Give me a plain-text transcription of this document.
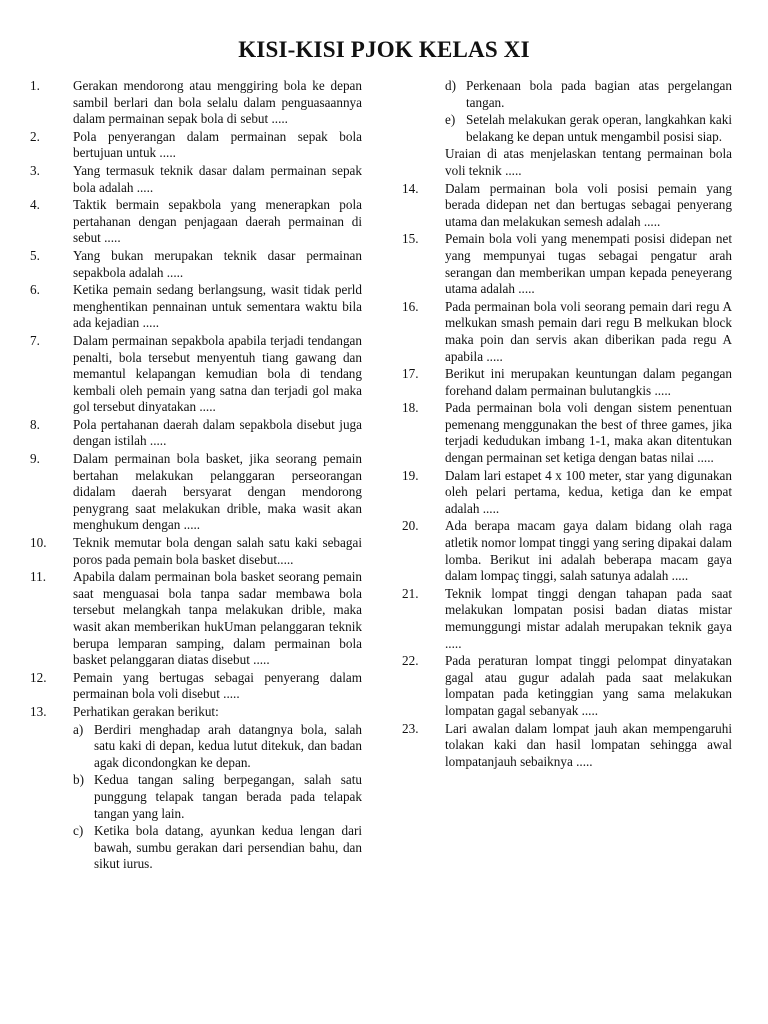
KISI-KISI PJOK KELAS XI
1.	Gerakan mendorong atau menggiring bola ke depan sambil berlari dan bola selalu dalam penguasaannya dalam permainan sepak bola di sebut .....
2.	Pola penyerangan dalam permainan sepak bola bertujuan untuk .....
3.	Yang termasuk teknik dasar dalam permainan sepak bola adalah .....
4.	Taktik bermain sepakbola yang menerapkan pola pertahanan dengan penjagaan daerah permainan di sebut .....
5.	Yang bukan merupakan teknik dasar permainan sepakbola adalah .....
6.	Ketika pemain sedang berlangsung, wasit tidak perld menghentikan pennainan untuk sementara waktu bila ada kejadian .....
7.	Dalam permainan sepakbola apabila terjadi tendangan penalti, bola tersebut menyentuh tiang gawang dan memantul kelapangan kemudian bola di tendang kembali oleh pemain yang satna dan terjadi gol maka gol tersebut dinyatakan .....
8.	Pola pertahanan daerah dalam sepakbola disebut juga dengan istilah .....
9.	Dalam permainan bola basket, jika seorang pemain bertahan melakukan pelanggaran perseorangan didalam daerah bersyarat dengan mendorong penygrang saat melakukan drible, maka wasit akan menghukum dengan .....
10.	Teknik memutar bola dengan salah satu kaki sebagai poros pada pemain bola basket disebut.....
11.	Apabila dalam permainan bola basket seorang pemain saat menguasai bola tanpa sadar membawa bola tersebut melangkah tanpa melakukan drible, maka wasit akan memberikan hukUman pelanggaran teknik berupa lemparan samping, dalam permainan bola basket pelanggaran diatas disebut .....
12.	Pemain yang bertugas sebagai penyerang dalam permainan bola voli disebut .....
13.	Perhatikan gerakan berikut:
a) Berdiri menghadap arah datangnya bola, salah satu kaki di depan, kedua lutut ditekuk, dan badan agak dicondongkan ke depan.
b) Kedua tangan saling berpegangan, salah satu punggung telapak tangan berada pada telapak tangan yang lain.
c) Ketika bola datang, ayunkan kedua lengan dari bawah, sumbu gerakan dari persendian bahu, dan sikut iurus.
d) Perkenaan bola pada bagian atas pergelangan tangan.
e) Setelah melakukan gerak operan, langkahkan kaki belakang ke depan untuk mengambil posisi siap.
Uraian di atas menjelaskan tentang permainan bola voli teknik .....
14.	Dalam permainan bola voli posisi pemain yang berada didepan net dan bertugas sebagai penyerang utama dan melakukan semesh adalah .....
15.	Pemain bola voli yang menempati posisi didepan net yang mempunyai tugas sebagai pengatur arah serangan dan memberikan umpan kepada peneyerang utama adalah .....
16.	Pada permainan bola voli seorang pemain dari regu A melkukan smash pemain dari regu B melkukan block maka poin dan servis akan diberikan pada regu A apabila .....
17.	Berikut ini merupakan keuntungan dalam pegangan forehand dalam permainan bulutangkis .....
18.	Pada permainan bola voli dengan sistem penentuan pemenang menggunakan the best of three games, jika terjadi kedudukan imbang 1-1, maka akan ditentukan dengan permainan set ketiga dengan batas nilai .....
19.	Dalam lari estapet 4 x 100 meter, star yang digunakan oleh pelari pertama, kedua, ketiga dan ke empat adalah .....
20.	Ada berapa macam gaya dalam bidang olah raga atletik nomor lompat tinggi yang sering dipakai dalam lomba. Berikut ini adalah beberapa macam gaya dalam lompaç tinggi, salah satunya adalah .....
21.	Teknik lompat tinggi dengan tahapan pada saat melakukan lompatan posisi badan diatas mistar memunggungi mistar adalah merupakan teknik gaya .....
22.	Pada peraturan lompat tinggi pelompat dinyatakan gagal atau gugur adalah pada saat melakukan lompatan pada ketinggian yang sama melakukan lompatan gagal sebanyak .....
23.	Lari awalan dalam lompat jauh akan mempengaruhi tolakan kaki dan hasil lompatan sehingga awal lompatanjauh sebaiknya .....
